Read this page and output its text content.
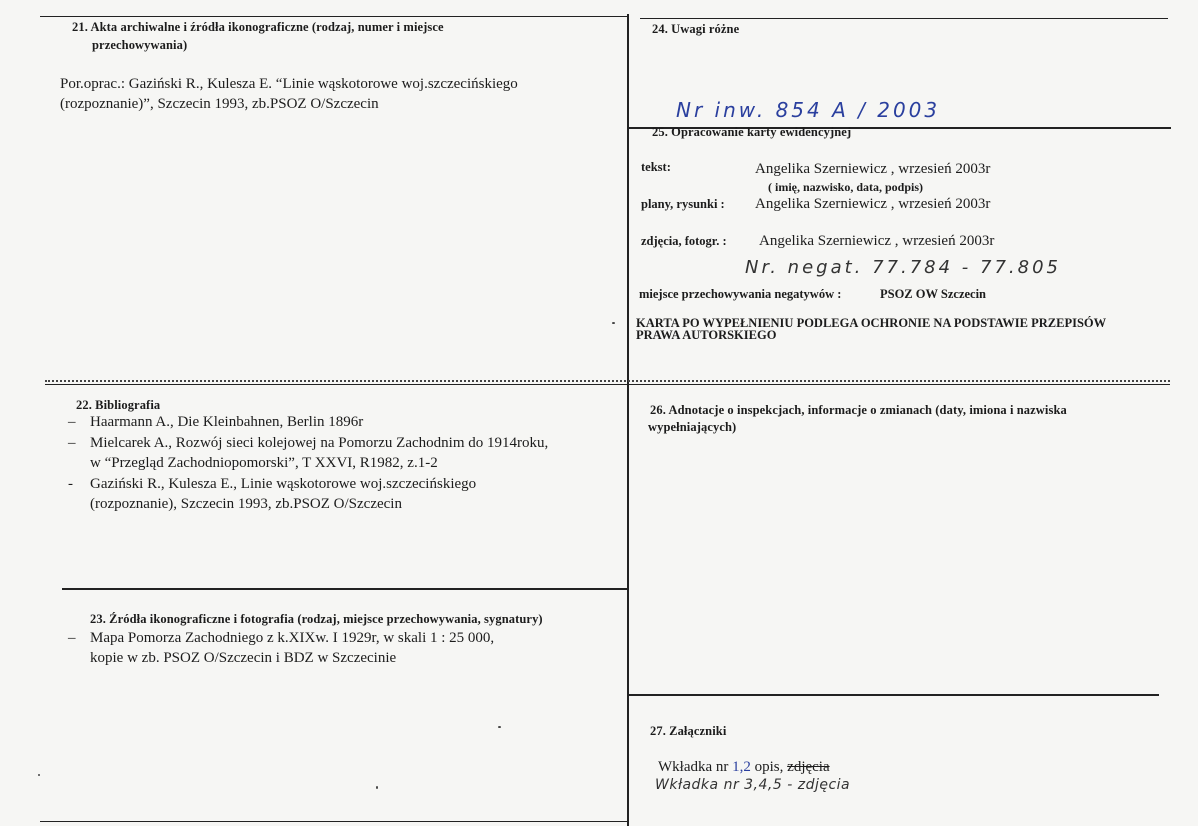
21. Akta archiwalne i źródła ikonograficzne (rodzaj, numer i miejsce
przechowywania)
Por.oprac.: Gaziński R., Kulesza E. “Linie wąskotorowe woj.szczecińskiego
(rozpoznanie)”, Szczecin 1993, zb.PSOZ O/Szczecin
24. Uwagi różne
Nr inw. 854 A / 2003
25. Opracowanie karty ewidencyjnej
tekst:	Angelika Szerniewicz , wrzesień 2003r
( imię, nazwisko, data, podpis)
plany, rysunki : Angelika Szerniewicz , wrzesień 2003r
zdjęcia, fotogr. : Angelika Szerniewicz , wrzesień 2003r
Nr. negat. 77.784 - 77.805
miejsce przechowywania negatywów :	PSOZ OW Szczecin
KARTA PO WYPEŁNIENIU PODLEGA OCHRONIE NA PODSTAWIE PRZEPISÓW
PRAWA AUTORSKIEGO
22. Bibliografia
– Haarmann A., Die Kleinbahnen, Berlin 1896r
– Mielcarek A., Rozwój sieci kolejowej na Pomorzu Zachodnim do 1914roku,
w “Przegląd Zachodniopomorski”, T XXVI, R1982, z.1-2
- Gaziński R., Kulesza E., Linie wąskotorowe woj.szczecińskiego
(rozpoznanie), Szczecin 1993, zb.PSOZ O/Szczecin
26. Adnotacje o inspekcjach, informacje o zmianach (daty, imiona i nazwiska
wypełniających)
23. Źródła ikonograficzne i fotografia (rodzaj, miejsce przechowywania, sygnatury)
– Mapa Pomorza Zachodniego z k.XIXw. I 1929r, w skali 1 : 25 000,
kopie w zb. PSOZ O/Szczecin i BDZ w Szczecinie
27. Załączniki
Wkładka nr 1,2 opis, zdjęcia
Wkładka nr 3,4,5 - zdjęcia
